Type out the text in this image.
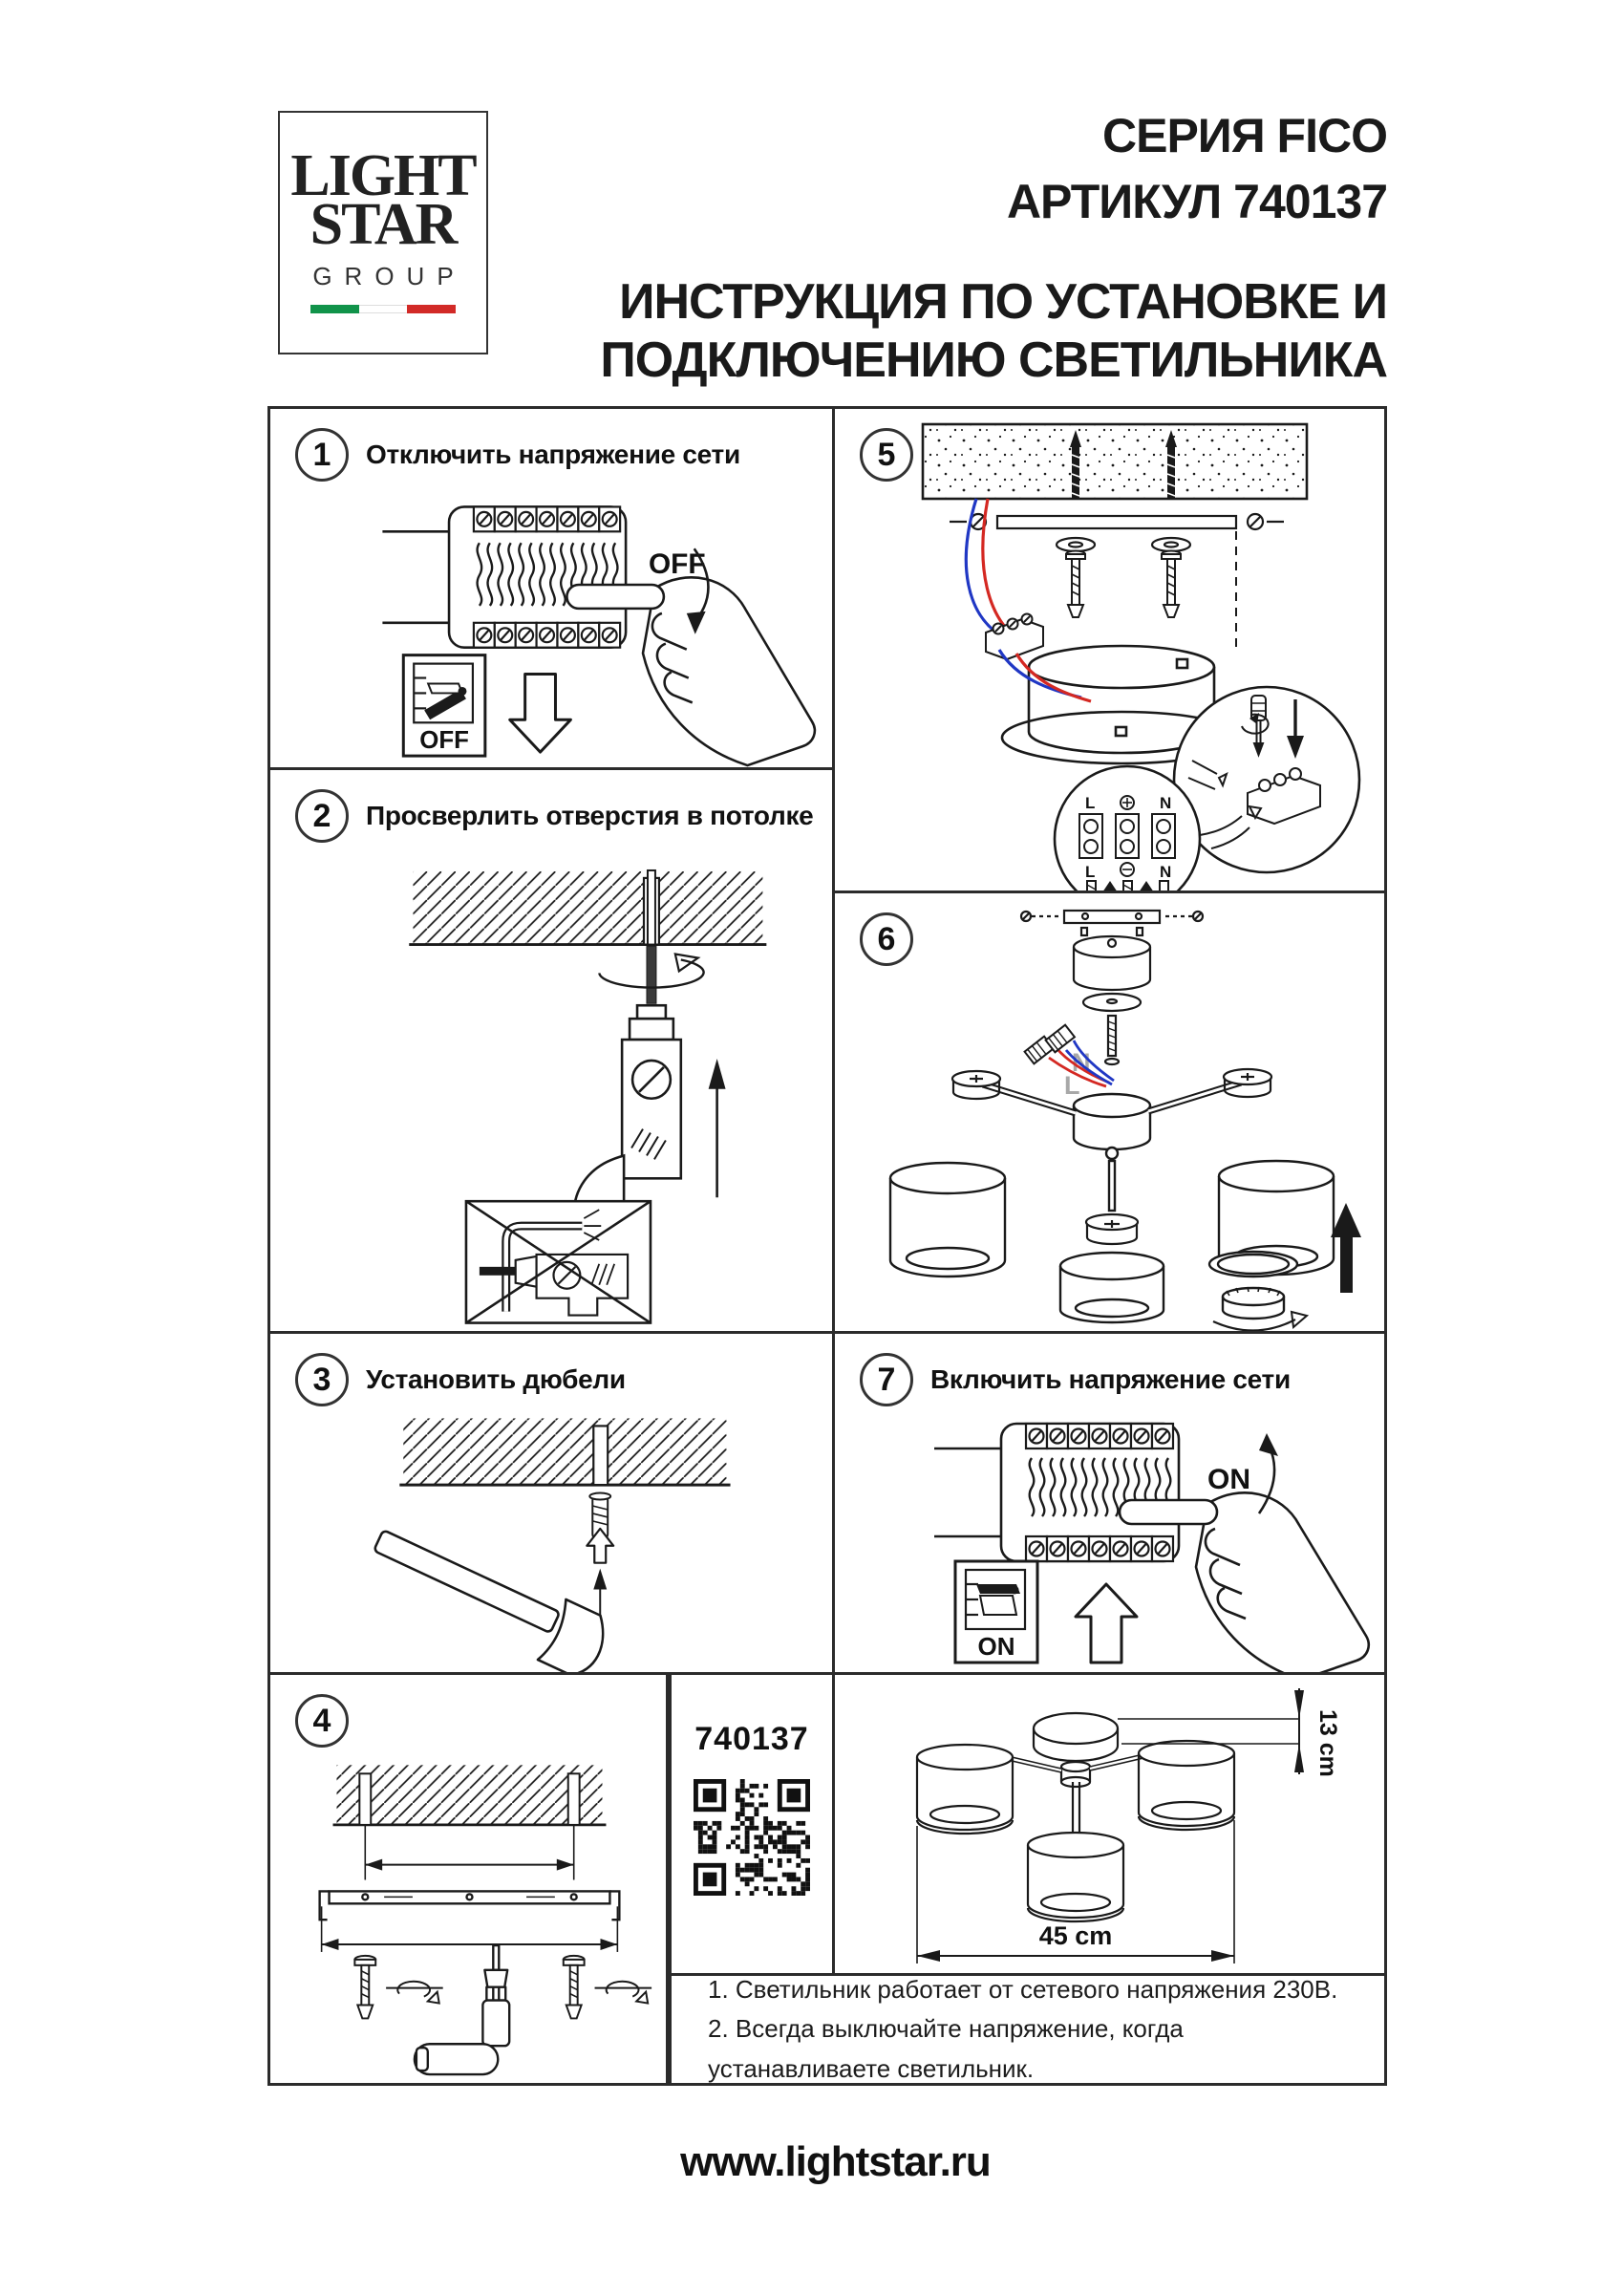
LIGHT
STAR
GROUP
СЕРИЯ FICO
АРТИКУЛ 740137
ИНСТРУКЦИЯ ПО УСТАНОВКЕ И
ПОДКЛЮЧЕНИЮ СВЕТИЛЬНИКА
1	Отключить напряжение сети
OFF
OFF
2	Просверлить отверстия в потолке
3	Установить дюбели
4
5
L	N
L	N
6
N
L
7	Включить напряжение сети
ON
ON
740137
45 cm
13 cm
1. Светильник работает от сетевого напряжения 230В.
2. Всегда выключайте напряжение, когда устанавливаете светильник.
www.lightstar.ru
